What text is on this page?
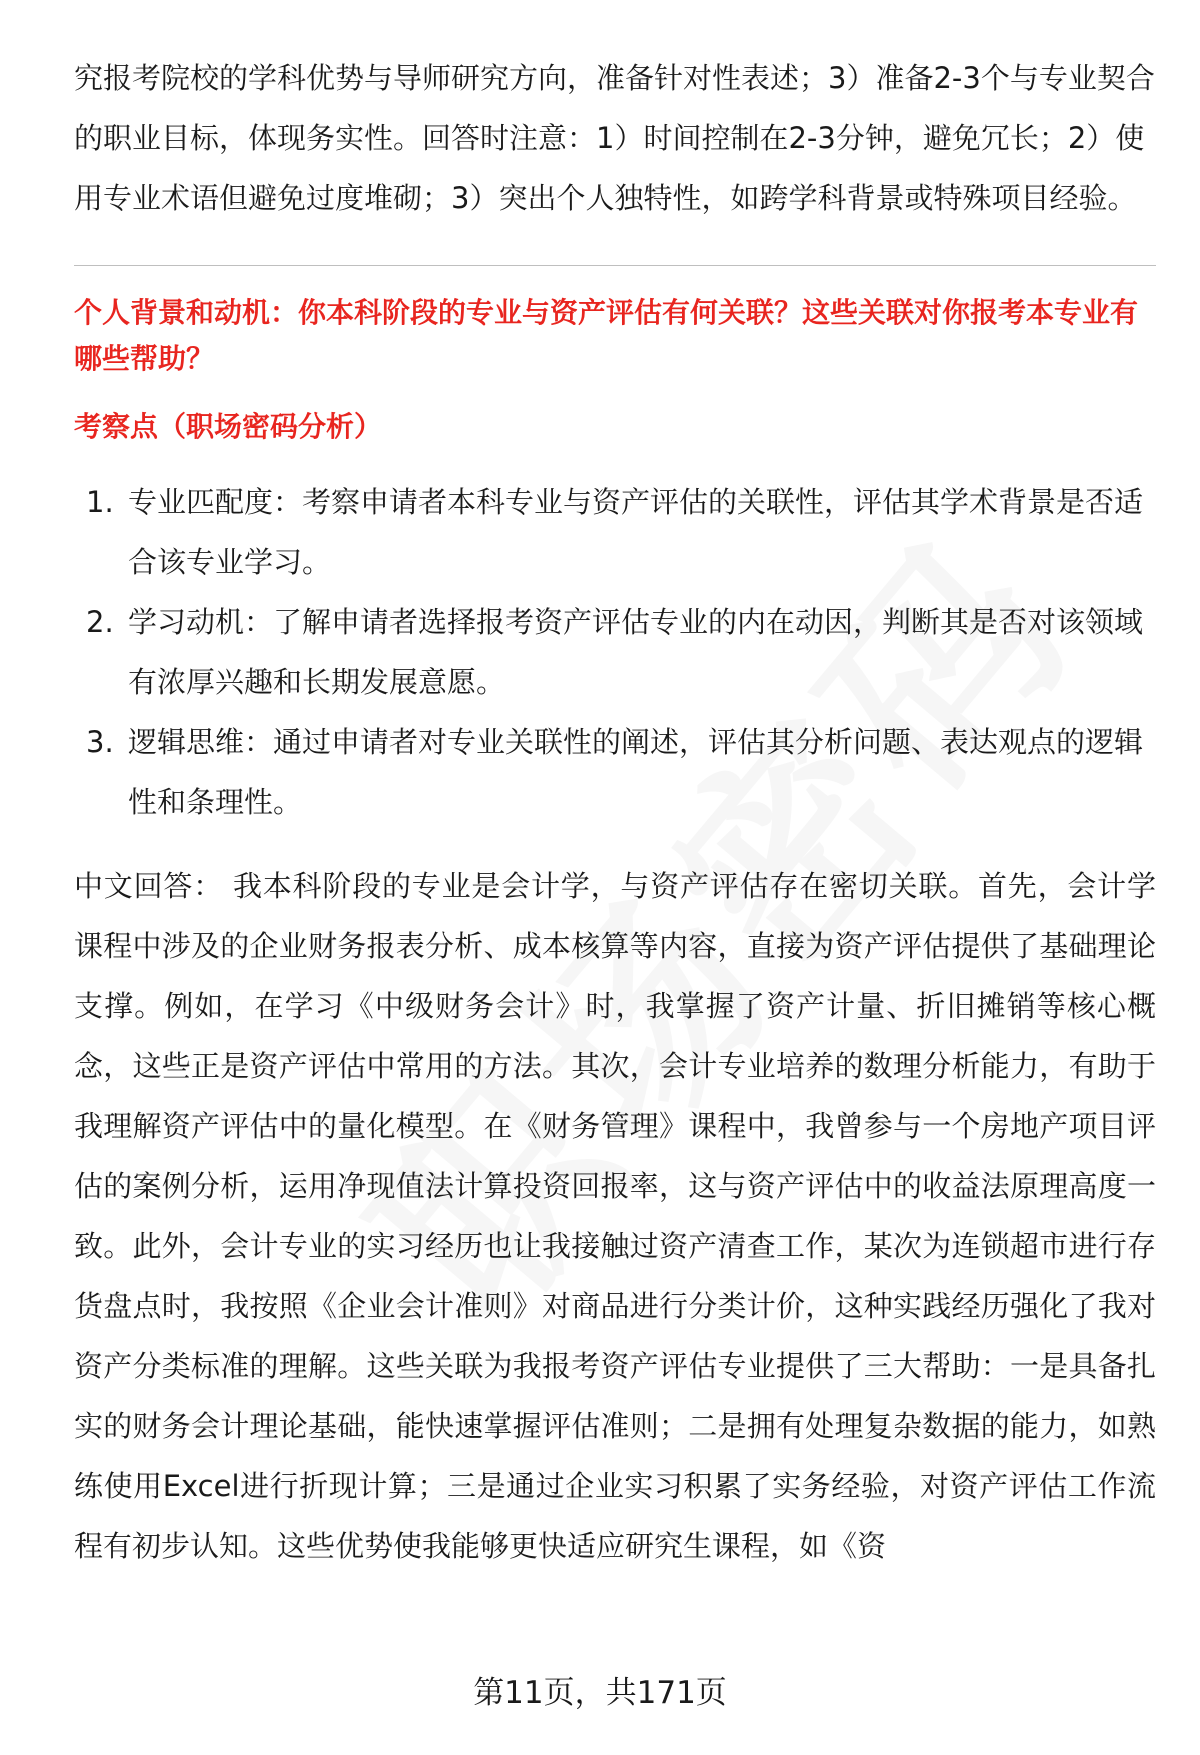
究报考院校的学科优势与导师研究方向，准备针对性表述；3）准备2-3个与专业契合的职业目标，体现务实性。回答时注意：1）时间控制在2-3分钟，避免冗长；2）使用专业术语但避免过度堆砌；3）突出个人独特性，如跨学科背景或特殊项目经验。

个人背景和动机：你本科阶段的专业与资产评估有何关联？这些关联对你报考本专业有哪些帮助？

考察点（职场密码分析）

1. 专业匹配度：考察申请者本科专业与资产评估的关联性，评估其学术背景是否适合该专业学习。
2. 学习动机：了解申请者选择报考资产评估专业的内在动因，判断其是否对该领域有浓厚兴趣和长期发展意愿。
3. 逻辑思维：通过申请者对专业关联性的阐述，评估其分析问题、表达观点的逻辑性和条理性。

中文回答： 我本科阶段的专业是会计学，与资产评估存在密切关联。首先，会计学课程中涉及的企业财务报表分析、成本核算等内容，直接为资产评估提供了基础理论支撑。例如，在学习《中级财务会计》时，我掌握了资产计量、折旧摊销等核心概念，这些正是资产评估中常用的方法。其次，会计专业培养的数理分析能力，有助于我理解资产评估中的量化模型。在《财务管理》课程中，我曾参与一个房地产项目评估的案例分析，运用净现值法计算投资回报率，这与资产评估中的收益法原理高度一致。此外，会计专业的实习经历也让我接触过资产清查工作，某次为连锁超市进行存货盘点时，我按照《企业会计准则》对商品进行分类计价，这种实践经历强化了我对资产分类标准的理解。这些关联为我报考资产评估专业提供了三大帮助：一是具备扎实的财务会计理论基础，能快速掌握评估准则；二是拥有处理复杂数据的能力，如熟练使用Excel进行折现计算；三是通过企业实习积累了实务经验，对资产评估工作流程有初步认知。这些优势使我能够更快适应研究生课程，如《资

第11页，共171页
